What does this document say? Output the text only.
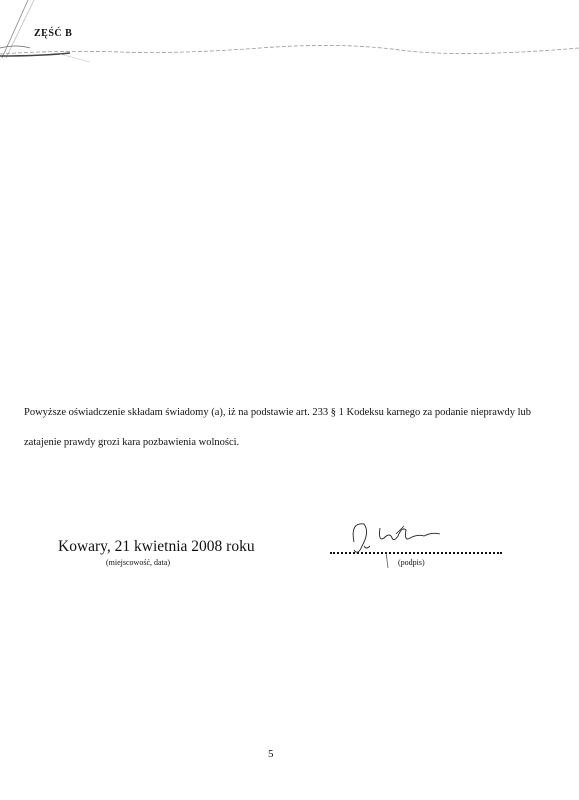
ZĘŚĆ B

Powyższe oświadczenie składam świadomy (a), iż na podstawie art. 233 § 1 Kodeksu karnego za podanie nieprawdy lub zatajenie prawdy grozi kara pozbawienia wolności.

Kowary, 21 kwietnia 2008 roku
(miejscowość, data)	(podpis)
5
